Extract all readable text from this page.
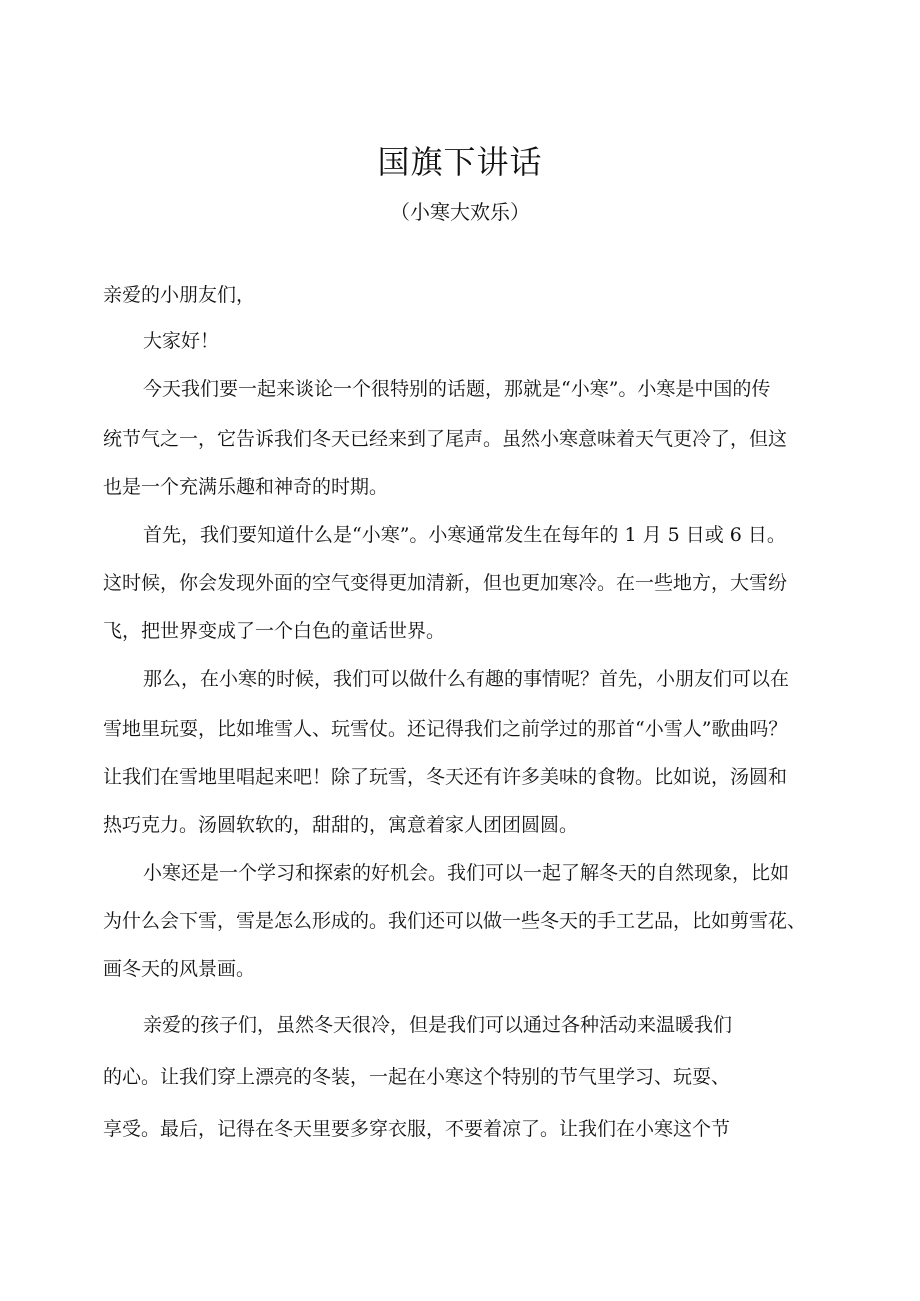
国旗下讲话

（小寒大欢乐）

亲爱的小朋友们，

大家好！

今天我们要一起来谈论一个很特别的话题，那就是“小寒”。小寒是中国的传

统节气之一，它告诉我们冬天已经来到了尾声。虽然小寒意味着天气更冷了，但这

也是一个充满乐趣和神奇的时期。

首先，我们要知道什么是“小寒”。小寒通常发生在每年的 1 月 5 日或 6 日。

这时候，你会发现外面的空气变得更加清新，但也更加寒冷。在一些地方，大雪纷

飞，把世界变成了一个白色的童话世界。

那么，在小寒的时候，我们可以做什么有趣的事情呢？首先，小朋友们可以在

雪地里玩耍，比如堆雪人、玩雪仗。还记得我们之前学过的那首“小雪人”歌曲吗？

让我们在雪地里唱起来吧！除了玩雪，冬天还有许多美味的食物。比如说，汤圆和

热巧克力。汤圆软软的，甜甜的，寓意着家人团团圆圆。

小寒还是一个学习和探索的好机会。我们可以一起了解冬天的自然现象，比如

为什么会下雪，雪是怎么形成的。我们还可以做一些冬天的手工艺品，比如剪雪花、

画冬天的风景画。

亲爱的孩子们，虽然冬天很冷，但是我们可以通过各种活动来温暖我们

的心。让我们穿上漂亮的冬装，一起在小寒这个特别的节气里学习、玩耍、

享受。最后，记得在冬天里要多穿衣服，不要着凉了。让我们在小寒这个节
